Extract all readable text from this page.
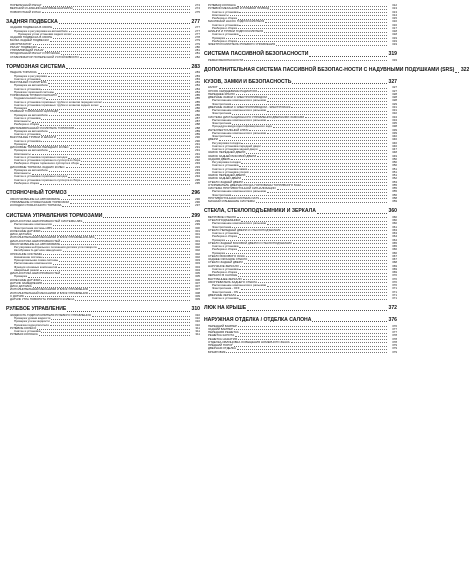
ПОПЕРЕЧНЫЙ РЫЧАГ	274
ВЕРХНИЙ И НИЖНИЙ ШАРОВЫЕ ШАРНИРЫ	274
ПОВОРОТНЫЙ КУЛАК	275
ЗАДНЯЯ ПОДВЕСКА	277
ЗАДНЯЯ ПОДВЕСКА В СБОРЕ	277
Проверка и регулировка на автомобиле	277
Проверка углов установки задних колес	277
ЗАДНЯЯ ПОДВЕСКА В СБОРЕ	278
БАЛКА ЗАДНЕЙ ПОДВЕСКИ	279
АМОРТИЗАТОР	279
РЫЧАГ ПОДВЕСКИ	280
УПРАВЛЯЮЩИЙ РЫЧАГ	281
ПРОДОЛЬНЫЙ РЫЧАГ И ПРУЖИНА	281
СТАБИЛИЗАТОР ПОПЕРЕЧНОЙ УСТОЙЧИВОСТИ	282
ТОРМОЗНАЯ СИСТЕМА	283
ПЕДАЛЬ ТОРМОЗА	283
Проверка и регулировка	283
Снятие и установка	283
ВАКУУМНЫЙ УСИЛИТЕЛЬ	283
Проверка на автомобиле	284
Снятие и установка	284
Прокачка тормозной системы	284
ТОРМОЗНЫЕ ТРУБКИ И ШЛАНГИ	285
Гидравлический контур	285
Снятие и установка тормозных трубок и шлангов передних колес	285
Снятие и установка тормозных трубок и шлангов задних колес	285
Проверка	286
ГЛАВНЫЙ ТОРМОЗНОЙ ЦИЛИНДР	286
Проверка на автомобиле	286
Снятие и установка	287
Компоненты	287
Разборка и сборка	288
ДВУХМЕМБРАННЫЙ УСИЛИТЕЛЬ ТОРМОЗОВ	288
Проверка на автомобиле	289
Снятие и установка	289
ВАКУУМНЫЕ ТРУБКИ И ШЛАНГИ	290
Снятие и установка	290
Проверка	291
ДИСКОВЫЕ ТОРМОЗА ПЕРЕДНИХ КОЛЕС	291
Проверка на автомобиле	291
Компоненты	291
Снятие и установка тормозных колодок	292
Снятие и установка тормозного суппорта в сборе	292
Разборка и сборка тормозного суппорта в сборе	293
ДИСКОВЫЕ ТОРМОЗА ЗАДНИХ КОЛЕС	293
Проверка на автомобиле	293
Компоненты	293
Снятие и установка тормозных колодок	294
Снятие и установка тормозного суппорта в сборе	295
Разборка и сборка	295
СТОЯНОЧНЫЙ ТОРМОЗ	296
ОБСЛУЖИВАНИЕ НА АВТОМОБИЛЕ	296
УПРАВЛЕНИЕ СТОЯНОЧНЫМ ТОРМОЗОМ	296
КОЛОДКИ СТОЯНОЧНОГО ТОРМОЗА	297
СИСТЕМА УПРАВЛЕНИЯ ТОРМОЗАМИ	299
ДИАГНОСТИКА НЕИСПРАВНОСТЕЙ СИСТЕМЫ ABS	299
Расположение компонентов	299
Электросхема системы ABS	300
КОЛЕСНЫЕ ДАТЧИКИ	301
ДИСК ДАТЧИКА	301
ИСПОЛНИТЕЛЬНЫЙ МЕХАНИЗМ И БЛОК УПРАВЛЕНИЯ ABS	301
ДИАГНОСТИКА НЕИСПРАВНОСТЕЙ	301
ОБСЛУЖИВАНИЕ НА АВТОМОБИЛЕ	302
Регулировка нейтрального положения датчика угла поворота	302
Калибровка G-датчика замедления	302
ОПИСАНИЕ СИСТЕМЫ	302
Назначение системы	302
Принципиальная схема системы	303
Расположение компонентов	303
Функции основных компонентов	304
Аварийный режим	304
ДИАГНОСТИКА НЕИСПРАВНОСТЕЙ	305
Проверка	305
КОЛЕСНЫЕ ДАТЧИКИ	306
ДАТЧИК ЗАМЕДЛЕНИЯ	307
ДИСК ДАТЧИКА	307
ИСПОЛНИТЕЛЬНЫЙ МЕХАНИЗМ И БЛОК УПРАВЛЕНИЯ	307
ИСПОЛНИТЕЛЬНЫЙ МЕХАНИЗМ И БЛОК УПРАВЛЕНИЯ	308
С ДАТЧИК	309
ДАТЧИК УГЛА ПОВОРОТА РУЛЕВОГО КОЛЕСА	309
РУЛЕВОЕ УПРАВЛЕНИЕ	310
ЖИДКОСТЬ ГИДРОУСИЛИТЕЛЯ РУЛЕВОГО УПРАВЛЕНИЯ	310
Проверка уровня жидкости	310
Проверка утечек жидкости	310
Прокачка гидроусилителя	310
РУЛЕВОЕ КОЛЕСО	311
Снятие и установка	311
РУЛЕВАЯ КОЛОНКА	311
РУЛЕВАЯ КОЛОНКА	312
РУЛЕВОЙ МЕХАНИЗМ И РУЛЕВОЙ ПРИВОД	313
Снятие и установка	313
Компоненты	314
Разборка и сборка	315
МАСЛЯНЫЙ НАСОС ГИДРОУСИЛИТЕЛЯ	316
Снятие и установка	316
Разборка и сборка	317
ШЛАНГИ И ТРУБКИ ГИДРОУСИЛИТЕЛЯ	318
Снятие и установка	318
Проверка	319
Разборка и сборка	319
ЭЛЕКТРОУСИЛИТЕЛЬ РУЛЕВОГО УПРАВЛЕНИЯ	319
СИСТЕМА ПАССИВНОЙ БЕЗОПАСНОСТИ	319
РЕМНИ БЕЗОПАСНОСТИ	319
ДОПОЛНИТЕЛЬНАЯ СИСТЕМА ПАССИВНОЙ БЕЗОПАС-НОСТИ С НАДУВНЫМИ ПОДУШКАМИ (SRS) 322
КУЗОВ, ЗАМКИ И БЕЗОПАСНОСТЬ	327
КАПОТ	327
ОПОРА СЕРДЦЕВИНЫ РАДИАТОРА	327
ПЕРЕДНЕЕ КРЫЛО	328
ДВЕРНЫЕ ЗАМКИ С ЭЛЕКТРОПРИВОДОМ	328
Расположение компонентов и разъемов	328
Электросхема	329
ДВЕРНЫЕ ЗАМКИ С ЭЛЕКТРОПРИВОДОМ - ЭЛЕКТРОМАКК	331
Расположение компонентов и разъемов	331
Электросхема	332
СИСТЕМА ДИСТАНЦИОННОГО УПРАВЛЕНИЯ ДВЕРНЫМИ ЗАМКАМИ	334
Расположение компонентов и разъемов	334
Электросхема	335
Процедура ввода идентификационного кода	338
ИНТЕЛЛЕКТУАЛЬНЫЙ КЛЮЧ	339
Расположение компонентов и разъемов	339
Электросхема	340
ДВЕРИ	346
Регулировка посадки	346
Снятие и установка передней двери	346
Снятие и установка задней двери	347
ЗАМОК ПЕРЕДНЕЙ ДВЕРИ	348
ЗАМОК ЗАДНЕЙ БОКОВОЙ ДВЕРИ	349
ЗАДНЯЯ ДВЕРЬ	350
Регулировка посадки	350
Снятие и установка	350
Снятие и установка замка	351
Снятие и установка упоров	351
ЗАМОК ПЕРЕДНЕЙ ДВЕРИ	351
ЗАМОК ЗАДНЕЙ ДВЕРИ	352
СТЕКЛО ЗАДНЕЙ ДВЕРИ	353
ОТКРЫВАТЕЛЬ ДВЕРЦЫ ЛЮЧКА ГОРЛОВИНЫ ТОПЛИВНОГО БАКА	355
СИСТЕМА ПРОТИВОУГОННОЙ СИГНАЛИЗАЦИИ	355
Расположение компонентов и разъемов	355
Электросхема	356
ПРОТИВОУГОННАЯ СИСТЕМА NATS	358
МАЧНЫЙ И ВНЕШНИЕ СИСТЕМЫ	359
СТЕКЛА, СТЕКЛОПОДЪЕМНИКИ И ЗЕРКАЛА	360
ВЕТРОВОЕ СТЕКЛО	360
СТЕКЛОПОДЪЕМНИКИ	360
Расположение компонентов и разъемов	360
Электросхема	361
СТЕКЛО ПЕРЕДНЕЙ ДВЕРИ И СТЕКЛОПОДЪЕМНИК	363
Снятие и установка	363
Разборка и сборка	364
Проверка	364
СТЕКЛО ЗАДНЕЙ БОКОВОЙ ДВЕРИ И СТЕКЛОПОДЪЕМНИК	365
Снятие и установка	365
Разборка и сборка	366
Проверка	366
СТЕКЛО БОКОВОГО ОКНА	367
ЗАДНЕЕ ОКОННОЕ СТЕКЛО	367
СТЕКЛО ЗАДНЕЙ ДВЕРИ	368
НАРУЖНОЕ ЗЕРКАЛО	369
Снятие и установка	369
Разборка и сборка	369
ЗЕРКАЛО В САЛОНЕ	370
ВНУТРЕННЕЕ ЗЕРКАЛО	370
ОБОГРЕВАТЕЛЬ ЗАДНЕГО СТЕКЛА	370
Расположение компонентов и разъемов	370
Электросхема - OFF	371
Электросхема - ON	371
ДВЕРНЫЕ ЗЕРКАЛА	371
Снятие и установка	371
ЛЮК НА КРЫШЕ	372
НАРУЖНАЯ ОТДЕЛКА / ОТДЕЛКА САЛОНА	376
ПЕРЕДНИЙ БАМПЕР	376
ЗАДНИЙ БАМПЕР	377
ПЕРЕДНЯЯ РЕШЕТКА	377
РЕШЕТКА КАПОТА	378
РЕШЕТКА НАЖАТИЯ	378
ОТДЕЛКА-ОБЛИЦОВКА ОСВЕЩЕНИЯ НОМЕРНОГО ЗНАКА	378
ПРЕДНИЙ ПОРОГ	379
ДВЕРНАЯ ОТДЕЛКА	379
БРЫЗГОВИК	379
